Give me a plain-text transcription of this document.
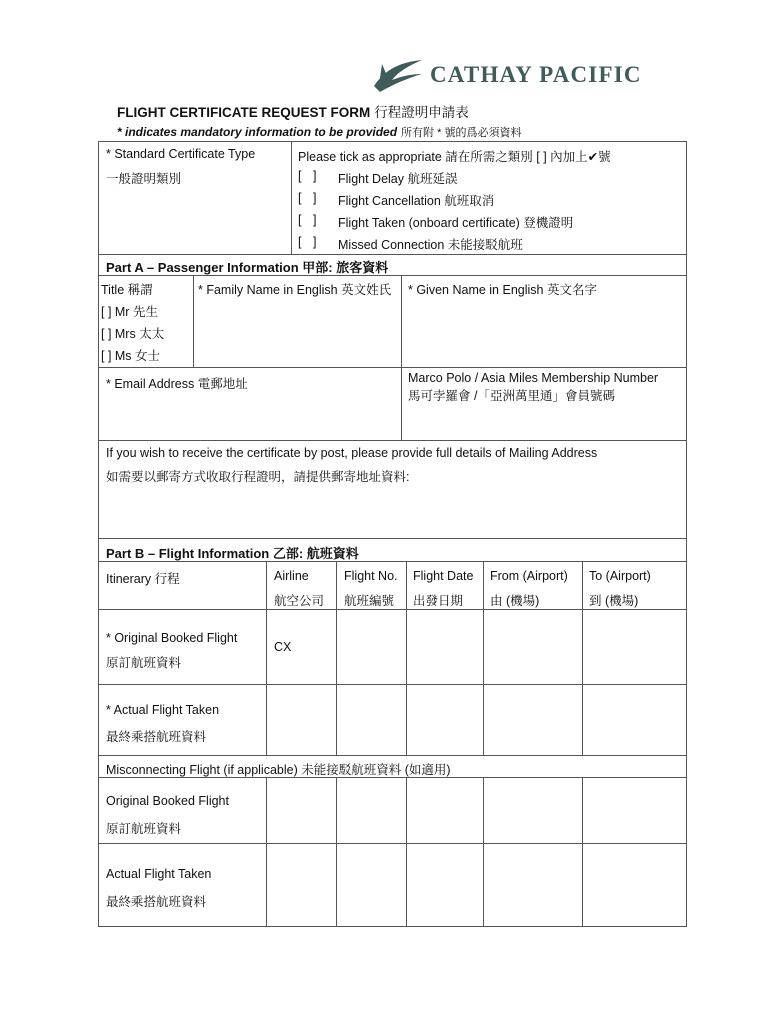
CATHAY PACIFIC
FLIGHT CERTIFICATE REQUEST FORM 行程證明申請表
* indicates mandatory information to be provided 所有附 * 號的爲必須資料
* Standard Certificate Type
一般證明類別
Please tick as appropriate 請在所需之類別 [ ] 內加上✔號
[ ] Flight Delay 航班延誤
[ ] Flight Cancellation 航班取消
[ ] Flight Taken (onboard certificate) 登機證明
[ ] Missed Connection 未能接駁航班
Part A – Passenger Information 甲部: 旅客資料
Title 稱謂
[ ] Mr 先生
[ ] Mrs 太太
[ ] Ms 女士
* Family Name in English 英文姓氏 * Given Name in English 英文名字
* Email Address 電郵地址	Marco Polo / Asia Miles Membership Number
馬可孛羅會 /「亞洲萬里通」會員號碼
If you wish to receive the certificate by post, please provide full details of Mailing Address
如需要以郵寄方式收取行程證明，請提供郵寄地址資料:
Part B – Flight Information 乙部: 航班資料
Itinerary 行程	Airline
航空公司
Flight No.
航班編號
Flight Date
出發日期
From (Airport)
由 (機場)
To (Airport)
到 (機場)
* Original Booked Flight
原訂航班資料
CX
* Actual Flight Taken
最終乘搭航班資料
Misconnecting Flight (if applicable) 未能接駁航班資料 (如適用)
Original Booked Flight
原訂航班資料
Actual Flight Taken
最終乘搭航班資料
